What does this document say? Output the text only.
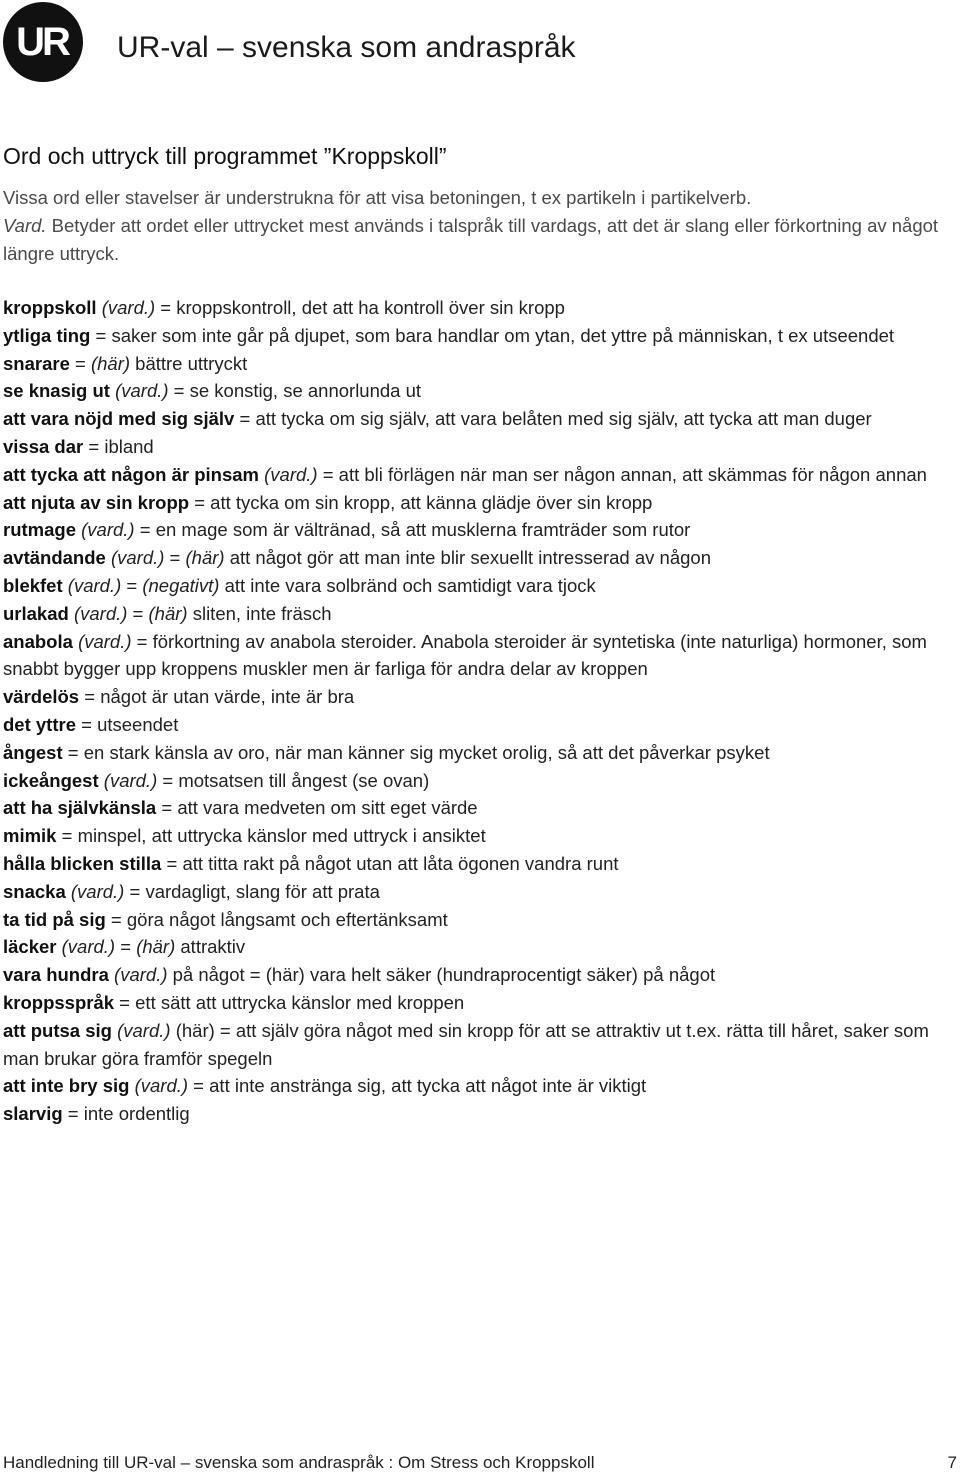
UR UR-val – svenska som andraspråk
Ord och uttryck till programmet ”Kroppskoll”

Vissa ord eller stavelser är understrukna för att visa betoningen, t ex partikeln i partikelverb.

Vard. Betyder att ordet eller uttrycket mest används i talspråk till vardags, att det är slang eller förkortning av något längre uttryck.

kroppskoll (vard.) = kroppskontroll, det att ha kontroll över sin kropp
ytliga ting = saker som inte går på djupet, som bara handlar om ytan, det yttre på människan, t ex utseendet
snarare = (här) bättre uttryckt
se knasig ut (vard.) = se konstig, se annorlunda ut
att vara nöjd med sig själv = att tycka om sig själv, att vara belåten med sig själv, att tycka att man duger
vissa dar = ibland
att tycka att någon är pinsam (vard.) = att bli förlägen när man ser någon annan, att skämmas för någon annan
att njuta av sin kropp = att tycka om sin kropp, att känna glädje över sin kropp
rutmage (vard.) = en mage som är vältränad, så att musklerna framträder som rutor
avtändande (vard.) = (här) att något gör att man inte blir sexuellt intresserad av någon
blekfet (vard.) = (negativt) att inte vara solbränd och samtidigt vara tjock
urlakad (vard.) = (här) sliten, inte fräsch
anabola (vard.) = förkortning av anabola steroider. Anabola steroider är syntetiska (inte naturliga) hormoner, som snabbt bygger upp kroppens muskler men är farliga för andra delar av kroppen
värdelös = något är utan värde, inte är bra
det yttre = utseendet
ångest = en stark känsla av oro, när man känner sig mycket orolig, så att det påverkar psyket
ickeångest (vard.) = motsatsen till ångest (se ovan)
att ha självkänsla = att vara medveten om sitt eget värde
mimik = minspel, att uttrycka känslor med uttryck i ansiktet
hålla blicken stilla = att titta rakt på något utan att låta ögonen vandra runt
snacka (vard.) = vardagligt, slang för att prata
ta tid på sig = göra något långsamt och eftertänksamt
läcker (vard.) = (här) attraktiv
vara hundra (vard.) på något = (här) vara helt säker (hundraprocentigt säker) på något
kroppsspråk = ett sätt att uttrycka känslor med kroppen
att putsa sig (vard.) (här) = att själv göra något med sin kropp för att se attraktiv ut t.ex. rätta till håret, saker som man brukar göra framför spegeln
att inte bry sig (vard.) = att inte anstränga sig, att tycka att något inte är viktigt
slarvig = inte ordentlig
Handledning till UR-val – svenska som andraspråk : Om Stress och Kroppskoll	7
